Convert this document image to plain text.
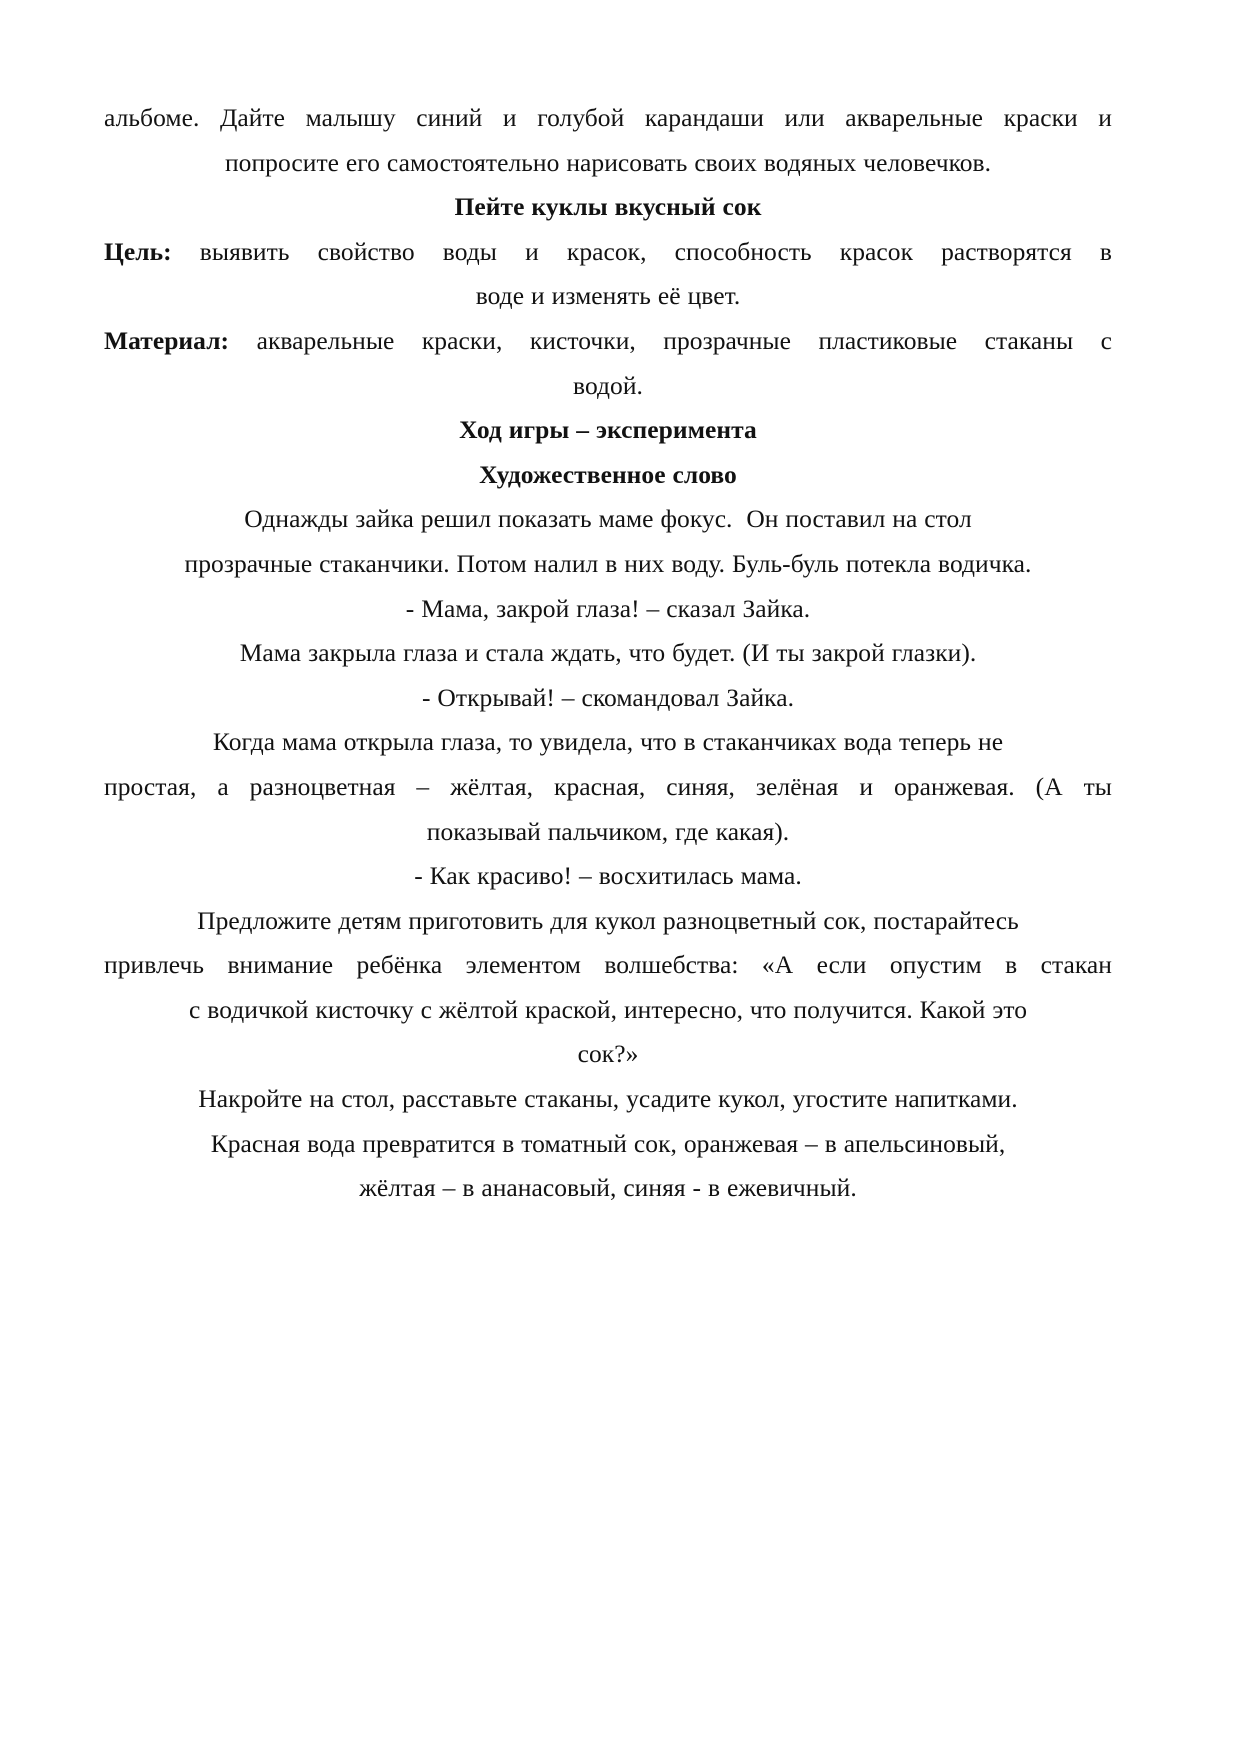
альбоме. Дайте малышу синий и голубой карандаши или акварельные краски и
попросите его самостоятельно нарисовать своих водяных человечков.
Пейте куклы вкусный сок
Цель: выявить свойство воды и красок, способность красок растворятся в
воде и изменять её цвет.
Материал: акварельные краски, кисточки, прозрачные пластиковые стаканы с
водой.
Ход игры – эксперимента
Художественное слово
Однажды зайка решил показать маме фокус.  Он поставил на стол
прозрачные стаканчики. Потом налил в них воду. Буль-буль потекла водичка.
- Мама, закрой глаза! – сказал Зайка.
Мама закрыла глаза и стала ждать, что будет. (И ты закрой глазки).
- Открывай! – скомандовал Зайка.
Когда мама открыла глаза, то увидела, что в стаканчиках вода теперь не
простая, а разноцветная – жёлтая, красная, синяя, зелёная и оранжевая. (А ты
показывай пальчиком, где какая).
- Как красиво! – восхитилась мама.
Предложите детям приготовить для кукол разноцветный сок, постарайтесь
привлечь внимание ребёнка элементом волшебства: «А если опустим в стакан
с водичкой кисточку с жёлтой краской, интересно, что получится. Какой это
сок?»
Накройте на стол, расставьте стаканы, усадите кукол, угостите напитками.
Красная вода превратится в томатный сок, оранжевая – в апельсиновый,
жёлтая – в ананасовый, синяя - в ежевичный.
